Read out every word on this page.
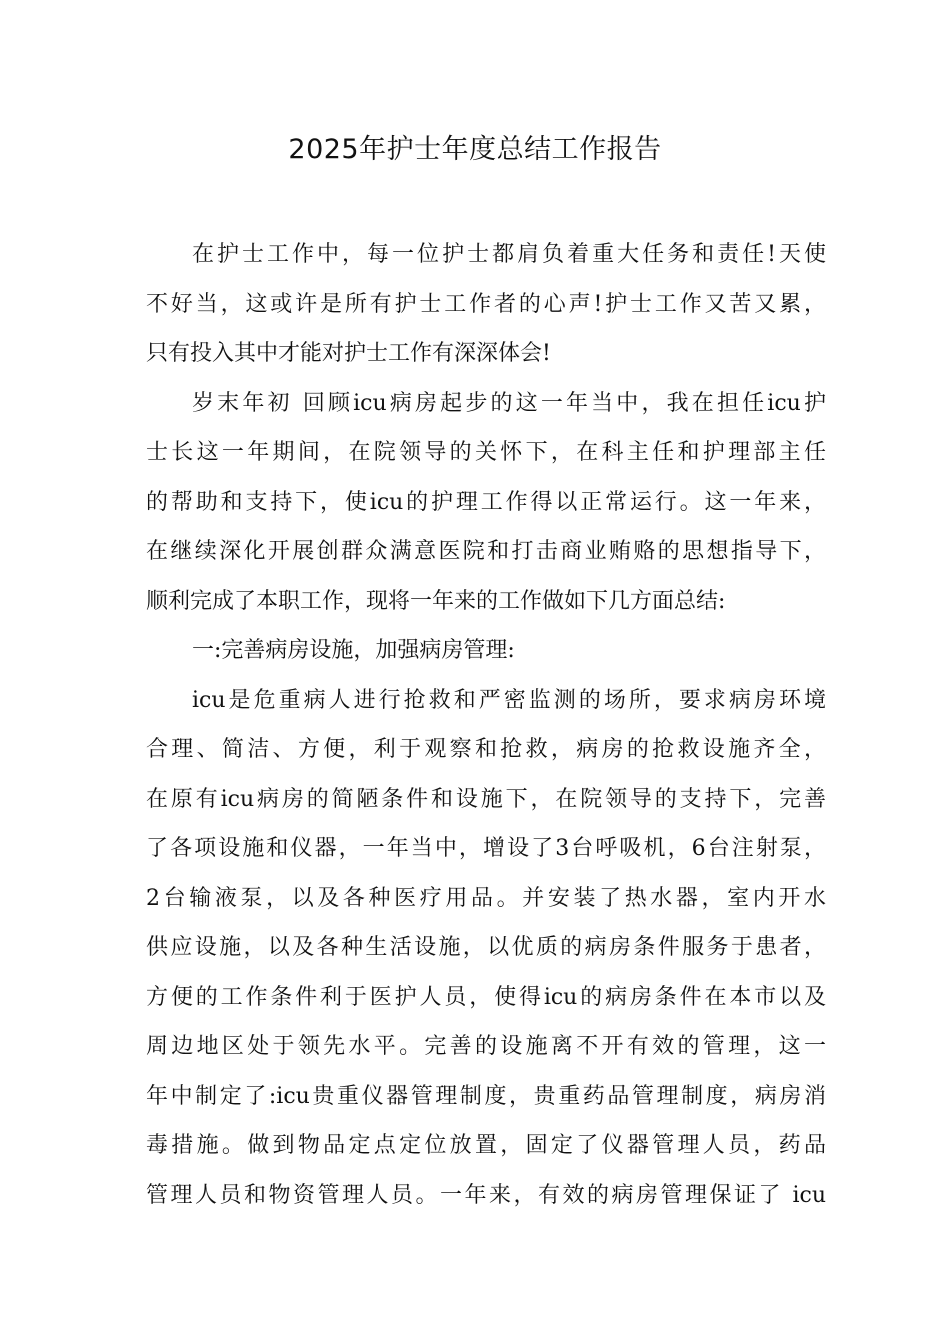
2025年护士年度总结工作报告
在护士工作中，每一位护士都肩负着重大任务和责任!天使
不好当，这或许是所有护士工作者的心声!护士工作又苦又累，
只有投入其中才能对护士工作有深深体会!
岁末年初 回顾icu病房起步的这一年当中，我在担任icu护
士长这一年期间，在院领导的关怀下，在科主任和护理部主任
的帮助和支持下，使icu的护理工作得以正常运行。这一年来，
在继续深化开展创群众满意医院和打击商业贿赂的思想指导下，
顺利完成了本职工作，现将一年来的工作做如下几方面总结:
一:完善病房设施，加强病房管理:
icu是危重病人进行抢救和严密监测的场所，要求病房环境
合理、简洁、方便，利于观察和抢救，病房的抢救设施齐全，
在原有icu病房的简陋条件和设施下，在院领导的支持下，完善
了各项设施和仪器，一年当中，增设了3台呼吸机，6台注射泵，
2台输液泵，以及各种医疗用品。并安装了热水器，室内开水
供应设施，以及各种生活设施，以优质的病房条件服务于患者，
方便的工作条件利于医护人员，使得icu的病房条件在本市以及
周边地区处于领先水平。完善的设施离不开有效的管理，这一
年中制定了:icu贵重仪器管理制度，贵重药品管理制度，病房消
毒措施。做到物品定点定位放置，固定了仪器管理人员，药品
管理人员和物资管理人员。一年来，有效的病房管理保证了 icu
